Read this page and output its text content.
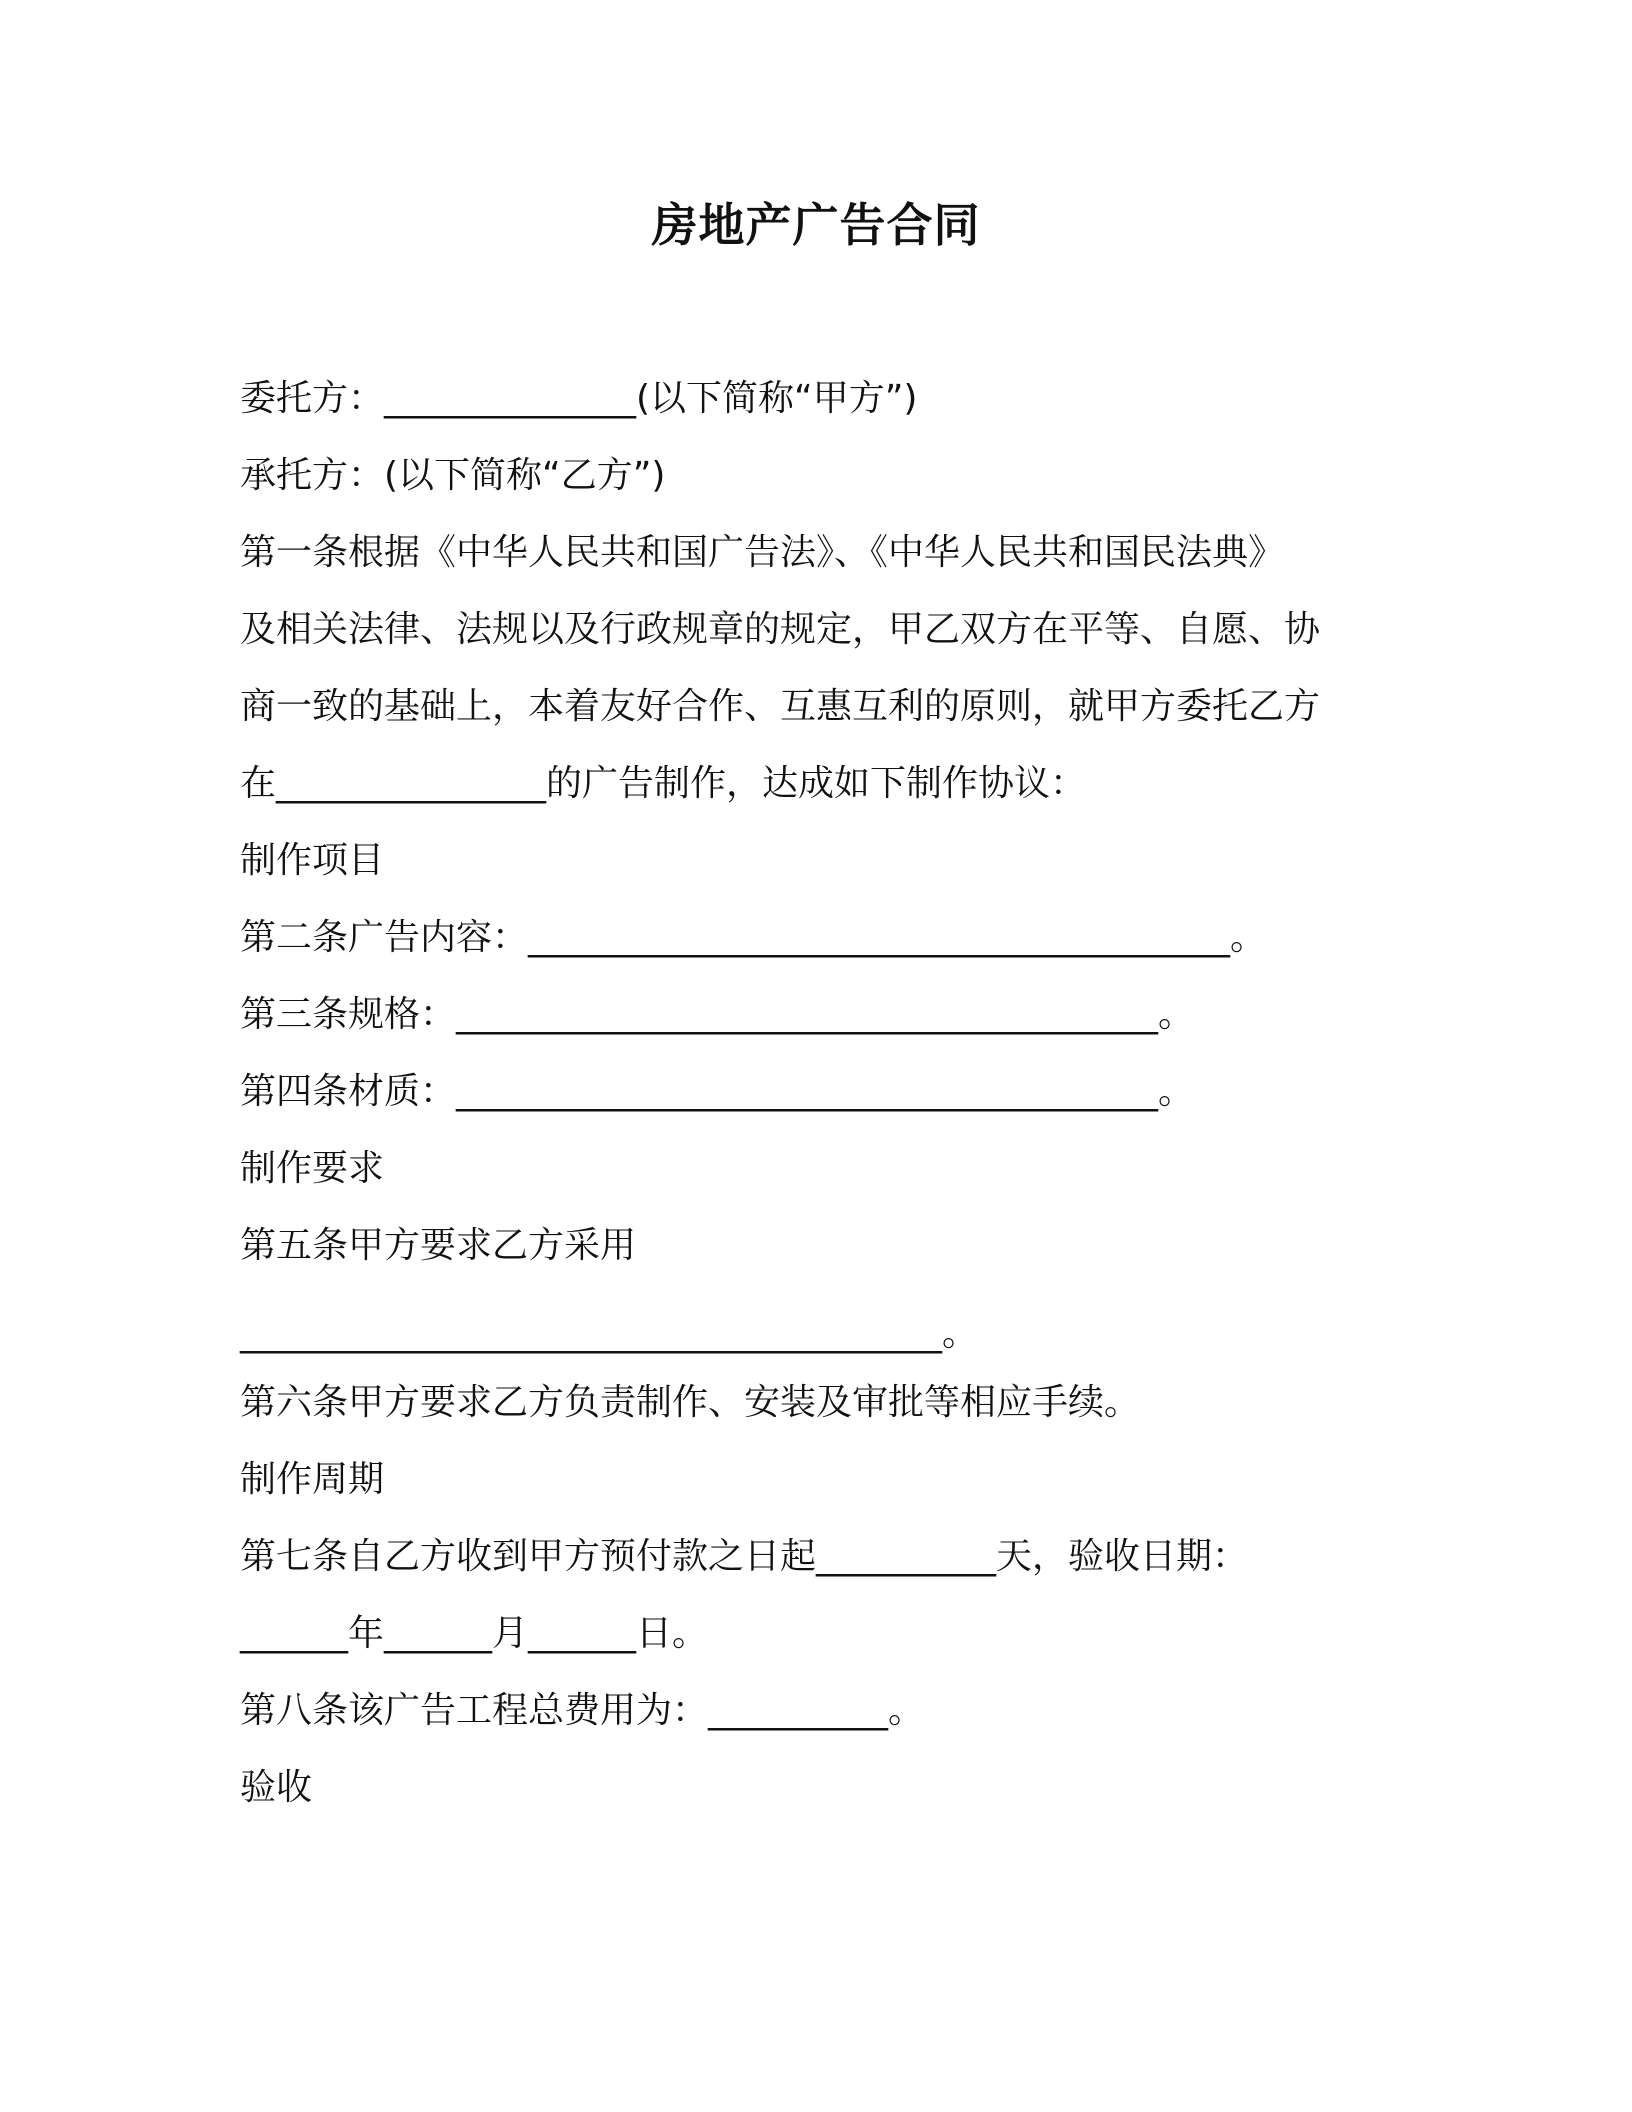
房地产广告合同

委托方：______________(以下简称“甲方”)

承托方：(以下简称“乙方”)

第一条根据《中华人民共和国广告法》、《中华人民共和国民法典》

及相关法律、法规以及行政规章的规定，甲乙双方在平等、自愿、协

商一致的基础上，本着友好合作、互惠互利的原则，就甲方委托乙方

在_______________的广告制作，达成如下制作协议：

制作项目

第二条广告内容：_______________________________________。

第三条规格：_______________________________________。

第四条材质：_______________________________________。

制作要求

第五条甲方要求乙方采用

_______________________________________。

第六条甲方要求乙方负责制作、安装及审批等相应手续。

制作周期

第七条自乙方收到甲方预付款之日起__________天，验收日期：

______年______月______日。

第八条该广告工程总费用为：__________。

验收
